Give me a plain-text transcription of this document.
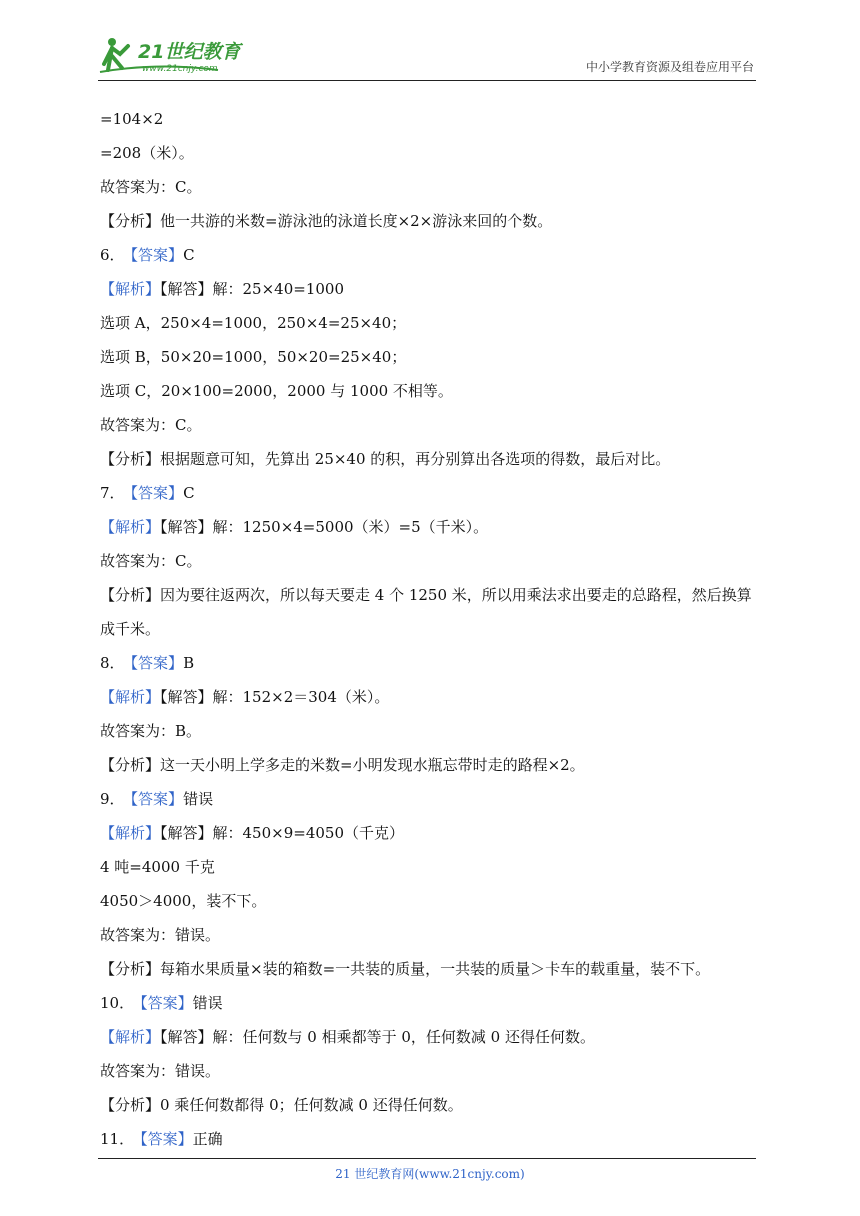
21世纪教育
www.21cnjy.com	中小学教育资源及组卷应用平台
=104×2
=208（米）。
故答案为：C。
【分析】他一共游的米数=游泳池的泳道长度×2×游泳来回的个数。
6． 【答案】C
【解析】【解答】解：25×40=1000
选项 A，250×4=1000，250×4=25×40；
选项 B，50×20=1000，50×20=25×40；
选项 C，20×100=2000，2000 与 1000 不相等。
故答案为：C。
【分析】根据题意可知，先算出 25×40 的积，再分别算出各选项的得数，最后对比。
7． 【答案】C
【解析】【解答】解：1250×4=5000（米）=5（千米）。
故答案为：C。
【分析】因为要往返两次，所以每天要走 4 个 1250 米，所以用乘法求出要走的总路程，然后换算成千米。
8． 【答案】B
【解析】【解答】解：152×2＝304（米）。
故答案为：B。
【分析】这一天小明上学多走的米数=小明发现水瓶忘带时走的路程×2。
9． 【答案】错误
【解析】【解答】解：450×9=4050（千克）
4 吨=4000 千克
4050＞4000，装不下。
故答案为：错误。
【分析】每箱水果质量×装的箱数=一共装的质量，一共装的质量＞卡车的载重量，装不下。
10． 【答案】错误
【解析】【解答】解：任何数与 0 相乘都等于 0，任何数减 0 还得任何数。
故答案为：错误。
【分析】0 乘任何数都得 0；任何数减 0 还得任何数。
11． 【答案】正确
21 世纪教育网(www.21cnjy.com)
